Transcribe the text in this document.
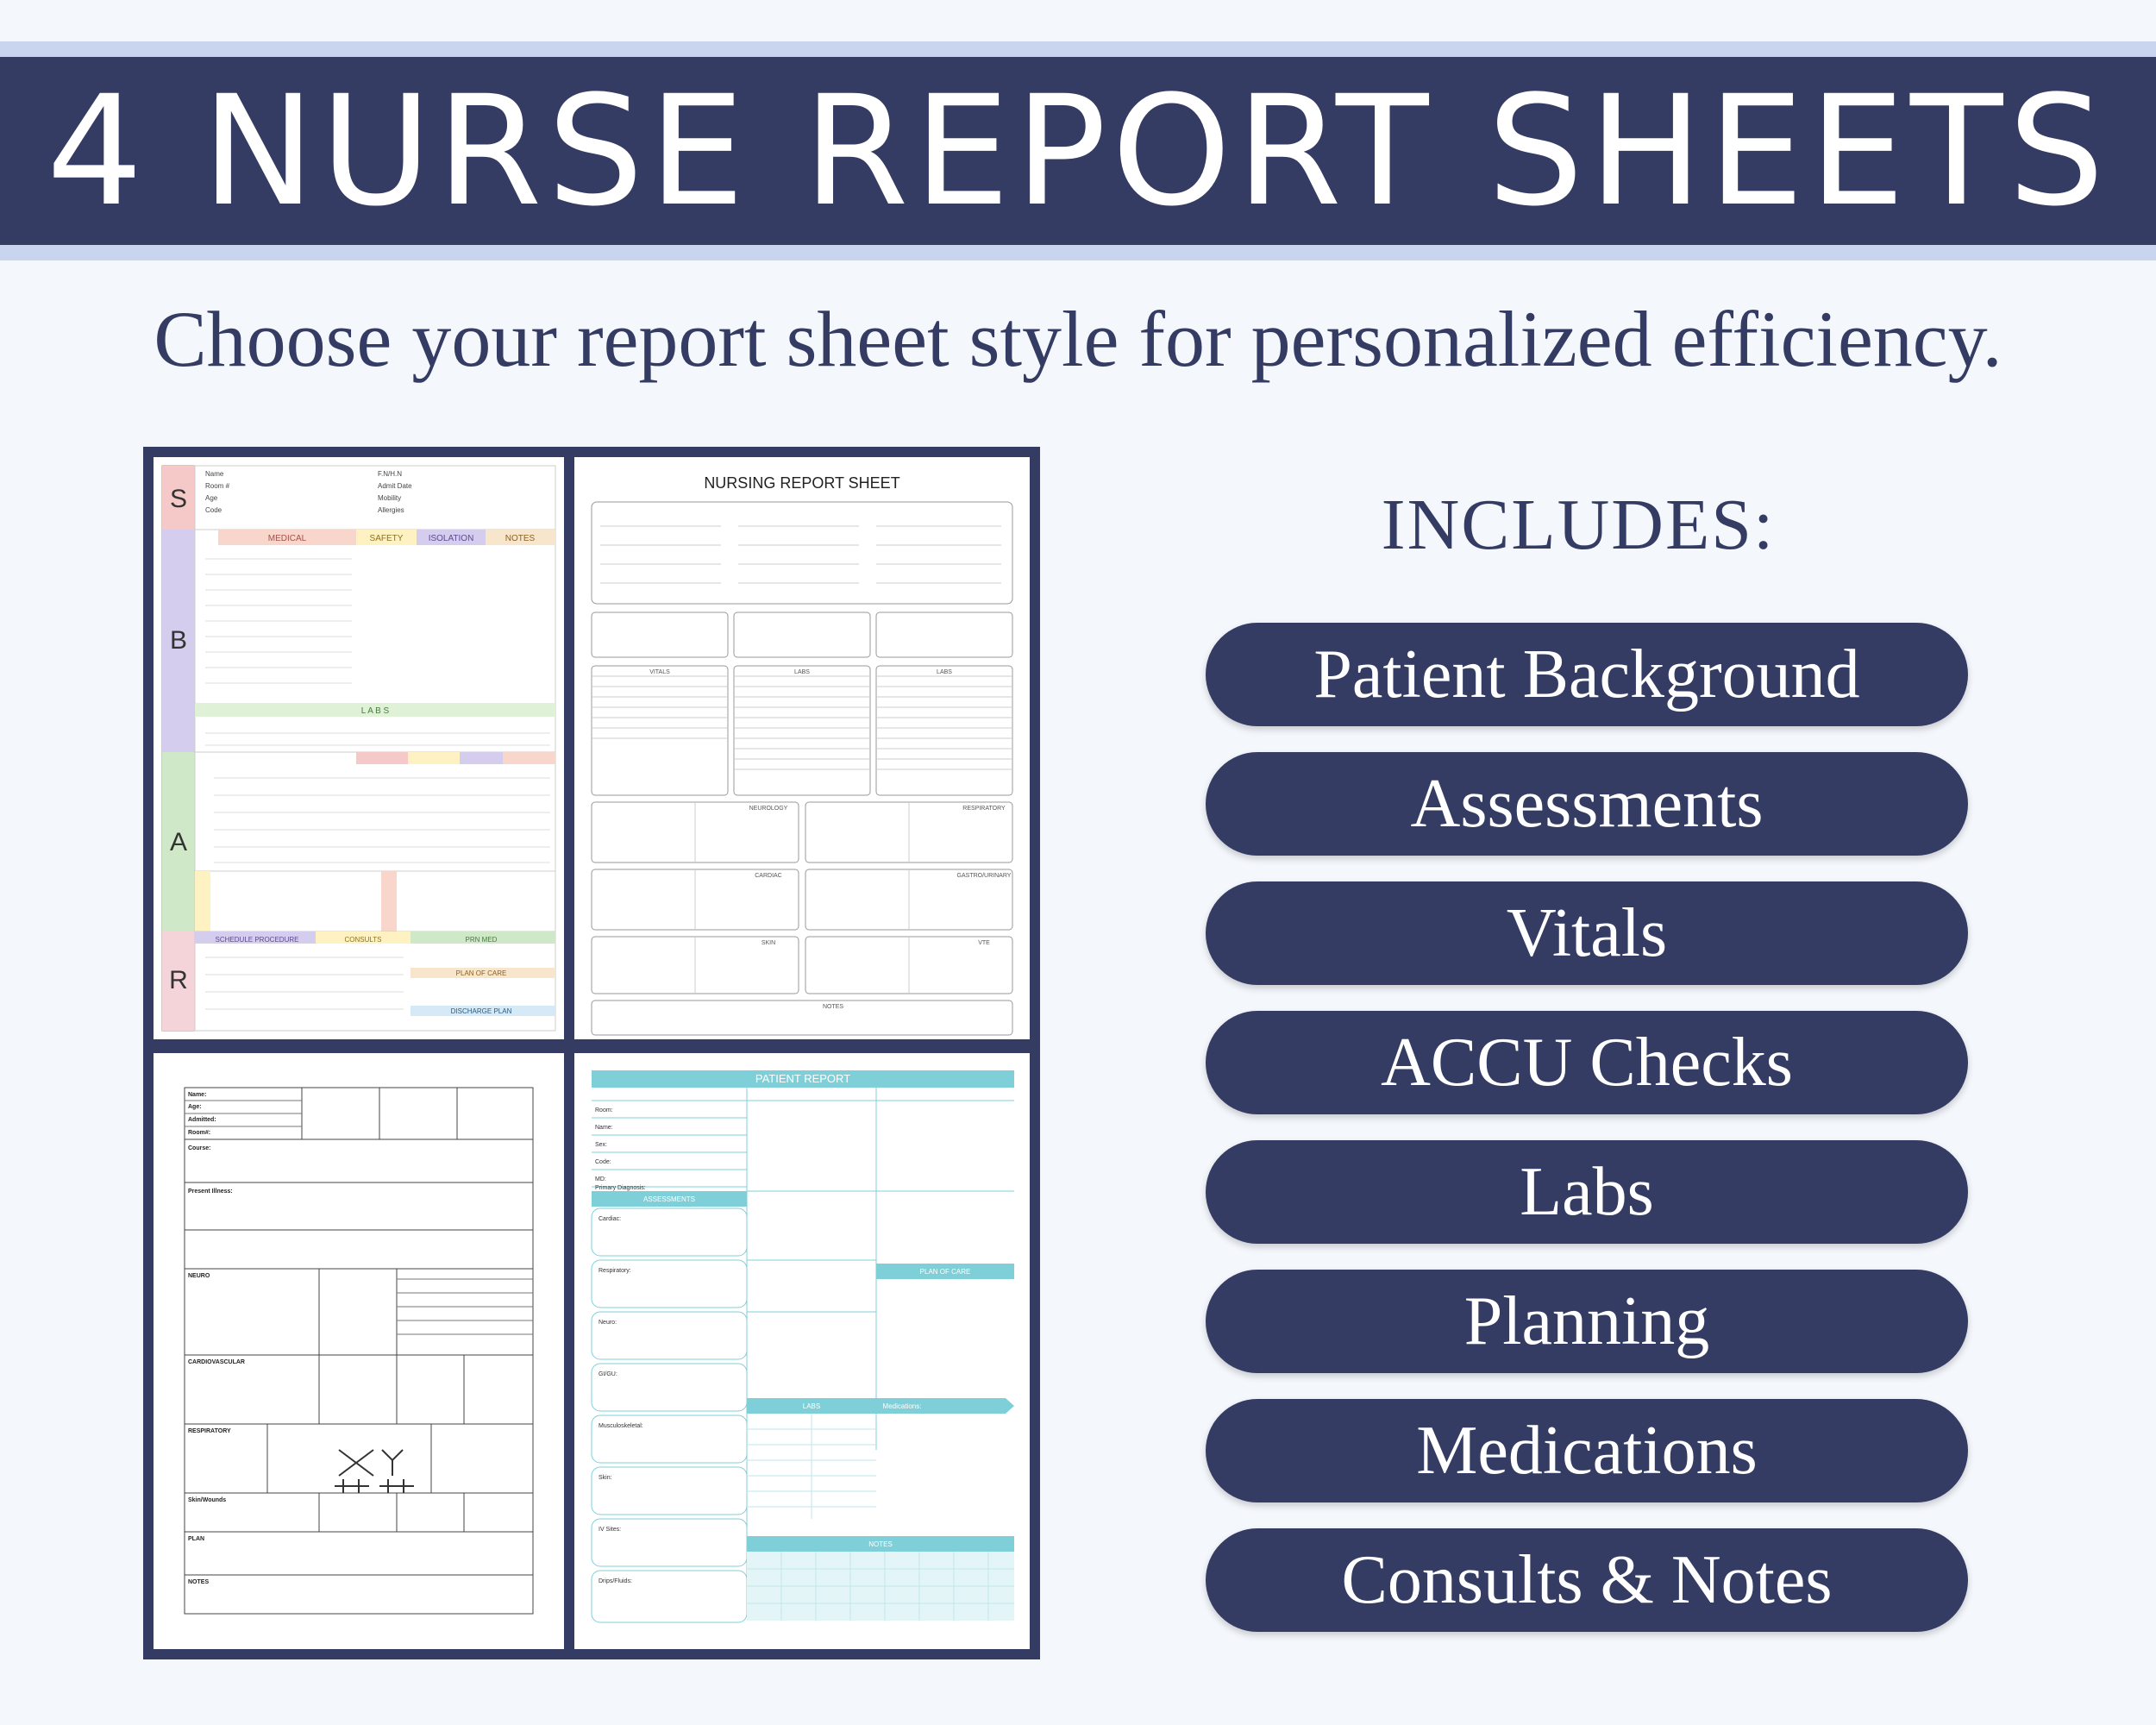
4 NURSE REPORT SHEETS
Choose your report sheet style for personalized efficiency.
S
B
A
R
MEDICAL	SAFETY	ISOLATION	NOTES
L A B S
SCHEDULE PROCEDURE	CONSULTS	PRN MED
PLAN OF CARE
DISCHARGE PLAN
Name
Room #
Age
Code
F.N/H.N
Admit Date
Mobility
Allergies
NURSING REPORT SHEET
VITALS	LABS	LABS
NEUROLOGY	RESPIRATORY
CARDIAC	GASTRO/URINARY
SKIN	VTE
NOTES
Name:
Age:
Admitted:
Room#:
Course:
Present Illness:
NEURO
CARDIOVASCULAR
RESPIRATORY
Skin/Wounds
PLAN
NOTES
PATIENT REPORT
ASSESSMENTS
PLAN OF CARE
LABS	Medications:
NOTES
Room:
Name:
Sex:
Code:
MD:
Primary Diagnosis:
Cardiac:
Respiratory:
Neuro:
GI/GU:
Musculoskeletal:
Skin:
IV Sites:
Drips/Fluids:
INCLUDES:
Patient Background
Assessments
Vitals
ACCU Checks
Labs
Planning
Medications
Consults & Notes
